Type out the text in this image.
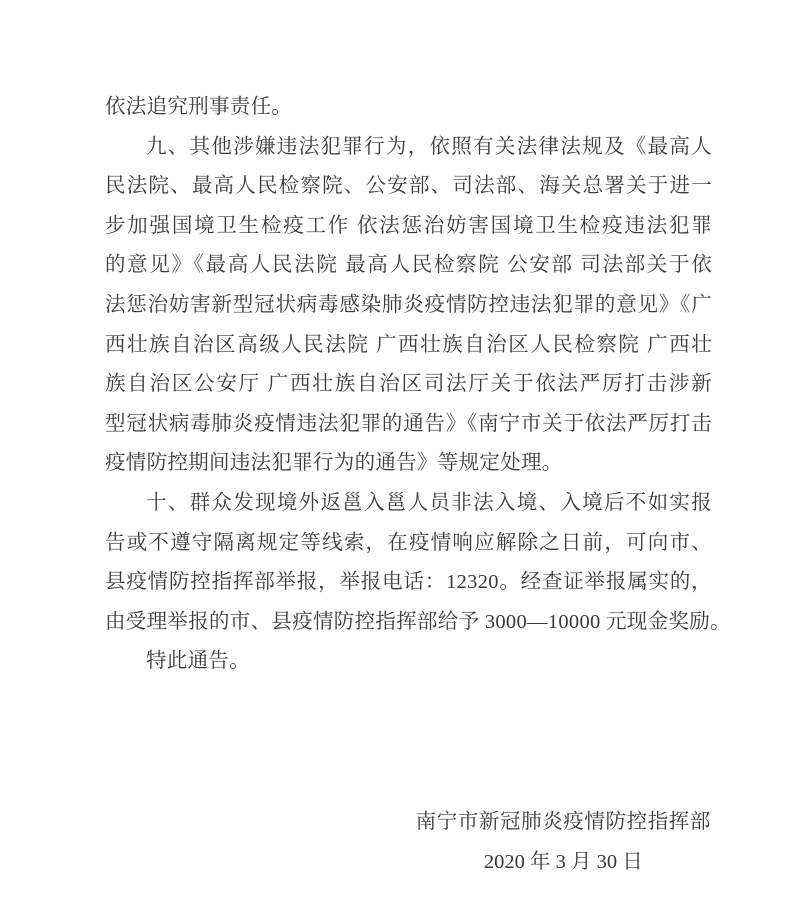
依法追究刑事责任。
九、其他涉嫌违法犯罪行为，依照有关法律法规及《最高人
民法院、最高人民检察院、公安部、司法部、海关总署关于进一
步加强国境卫生检疫工作 依法惩治妨害国境卫生检疫违法犯罪
的意见》《最高人民法院 最高人民检察院 公安部 司法部关于依
法惩治妨害新型冠状病毒感染肺炎疫情防控违法犯罪的意见》《广
西壮族自治区高级人民法院 广西壮族自治区人民检察院 广西壮
族自治区公安厅 广西壮族自治区司法厅关于依法严厉打击涉新
型冠状病毒肺炎疫情违法犯罪的通告》《南宁市关于依法严厉打击
疫情防控期间违法犯罪行为的通告》等规定处理。
十、群众发现境外返邕入邕人员非法入境、入境后不如实报
告或不遵守隔离规定等线索，在疫情响应解除之日前，可向市、
县疫情防控指挥部举报，举报电话：12320。经查证举报属实的，
由受理举报的市、县疫情防控指挥部给予 3000—10000 元现金奖励。
特此通告。
南宁市新冠肺炎疫情防控指挥部
2020 年 3 月 30 日
